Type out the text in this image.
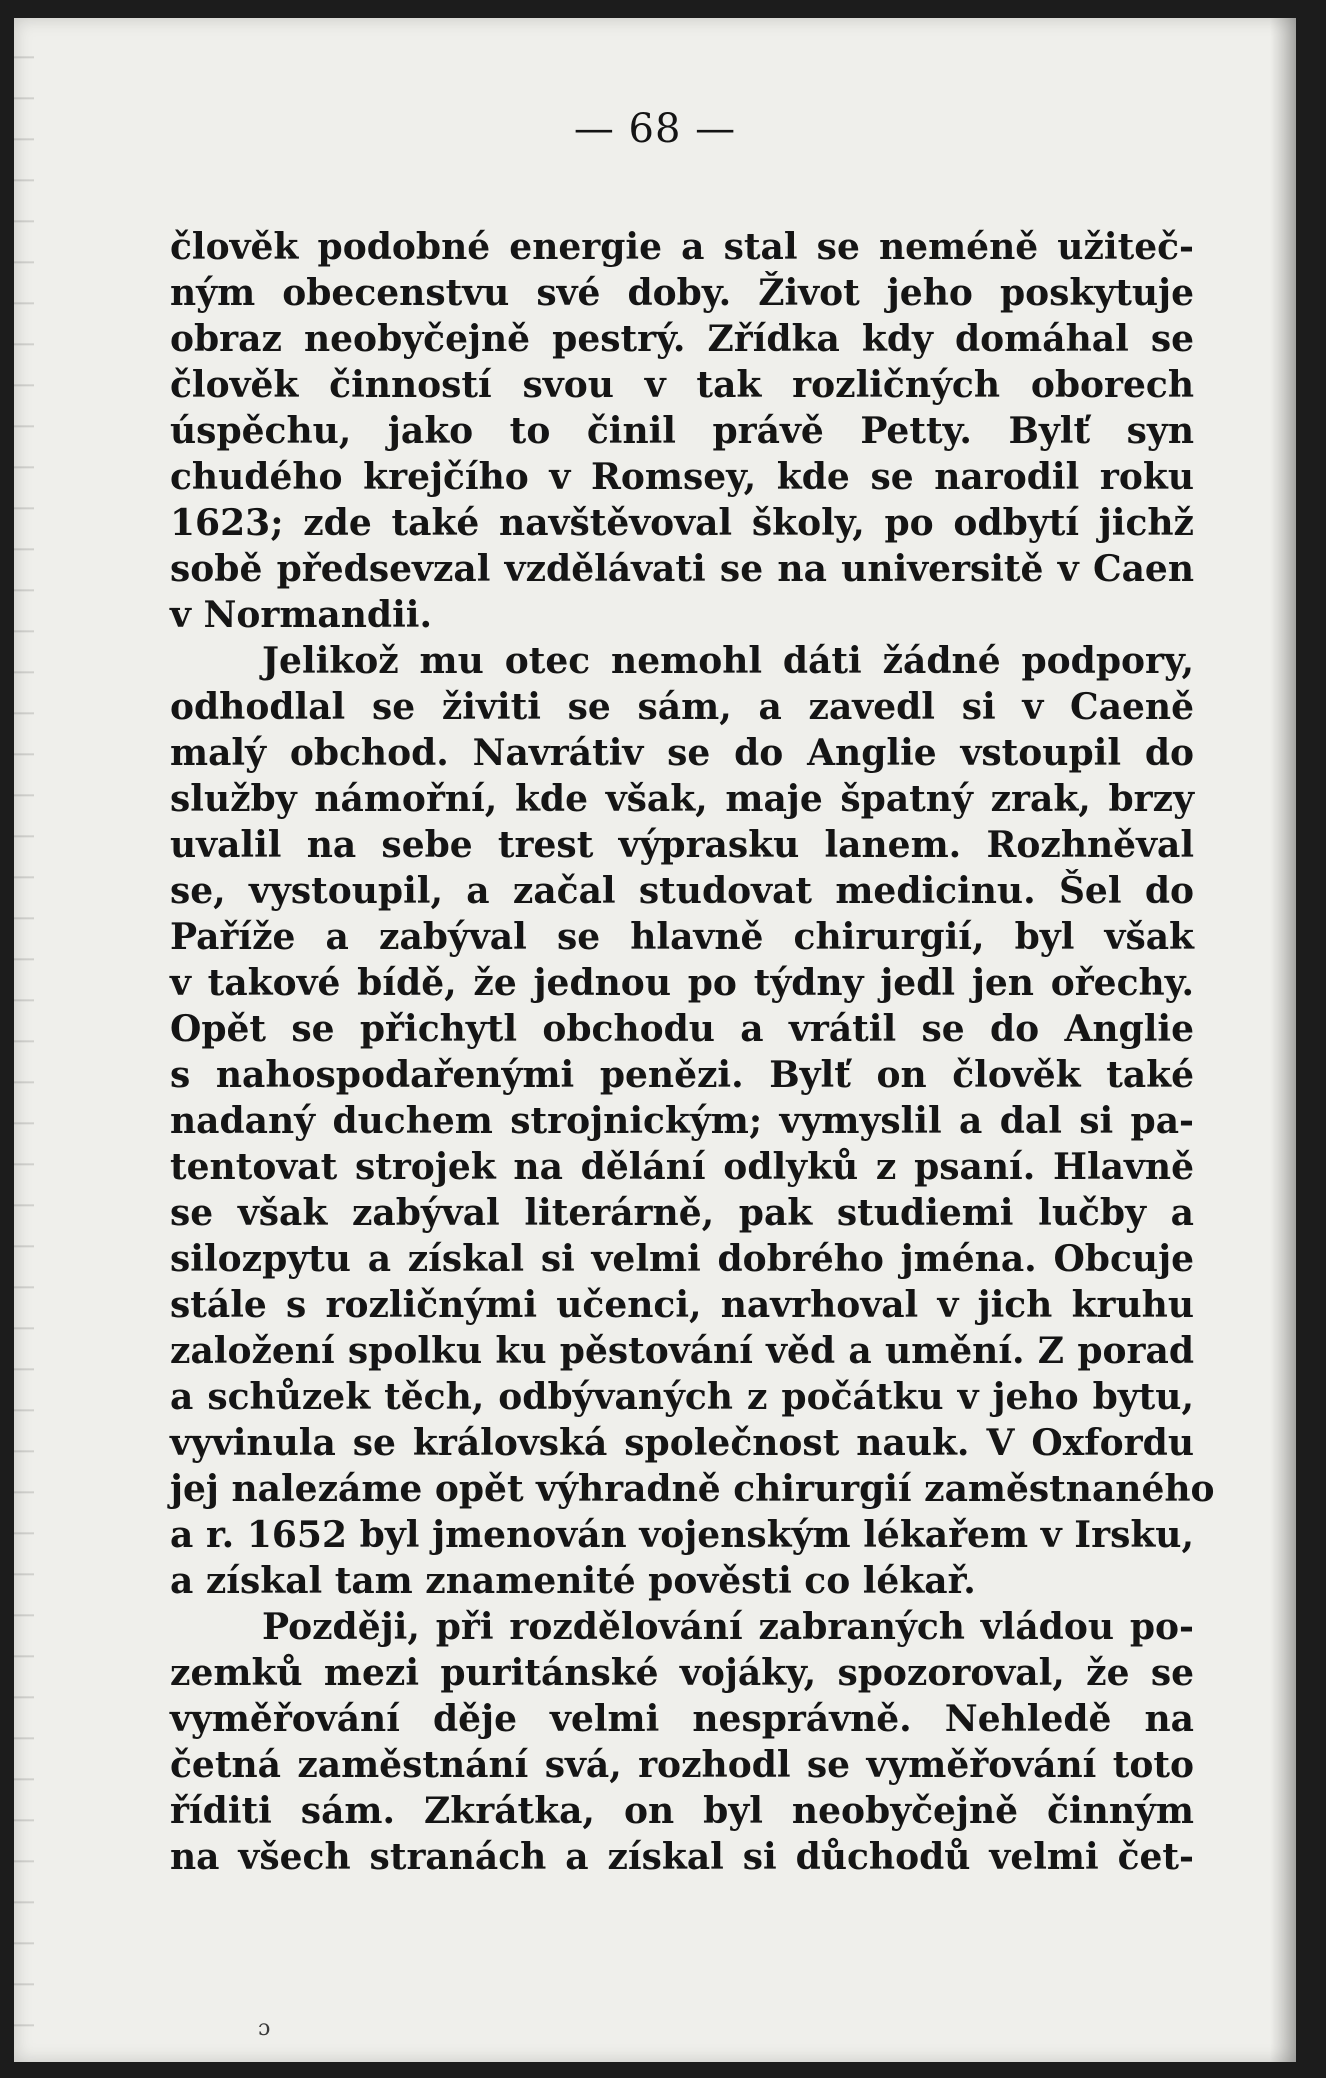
— 68 —
člověk podobné energie a stal se neméně užiteč-
ným obecenstvu své doby. Život jeho poskytuje
obraz neobyčejně pestrý. Zřídka kdy domáhal se
člověk činností svou v tak rozličných oborech
úspěchu, jako to činil právě Petty. Bylť syn
chudého krejčího v Romsey, kde se narodil roku
1623; zde také navštěvoval školy, po odbytí jichž
sobě předsevzal vzdělávati se na universitě v Caen
v Normandii.
Jelikož mu otec nemohl dáti žádné podpory,
odhodlal se živiti se sám, a zavedl si v Caeně
malý obchod. Navrátiv se do Anglie vstoupil do
služby námořní, kde však, maje špatný zrak, brzy
uvalil na sebe trest výprasku lanem. Rozhněval
se, vystoupil, a začal studovat medicinu. Šel do
Paříže a zabýval se hlavně chirurgií, byl však
v takové bídě, že jednou po týdny jedl jen ořechy.
Opět se přichytl obchodu a vrátil se do Anglie
s nahospodařenými penězi. Bylť on člověk také
nadaný duchem strojnickým; vymyslil a dal si pa-
tentovat strojek na dělání odlyků z psaní. Hlavně
se však zabýval literárně, pak studiemi lučby a
silozpytu a získal si velmi dobrého jména. Obcuje
stále s rozličnými učenci, navrhoval v jich kruhu
založení spolku ku pěstování věd a umění. Z porad
a schůzek těch, odbývaných z počátku v jeho bytu,
vyvinula se královská společnost nauk. V Oxfordu
jej nalezáme opět výhradně chirurgií zaměstnaného
a r. 1652 byl jmenován vojenským lékařem v Irsku,
a získal tam znamenité pověsti co lékař.
Později, při rozdělování zabraných vládou po-
zemků mezi puritánské vojáky, spozoroval, že se
vyměřování děje velmi nesprávně. Nehledě na
četná zaměstnání svá, rozhodl se vyměřování toto
říditi sám. Zkrátka, on byl neobyčejně činným
na všech stranách a získal si důchodů velmi čet-
ɔ
